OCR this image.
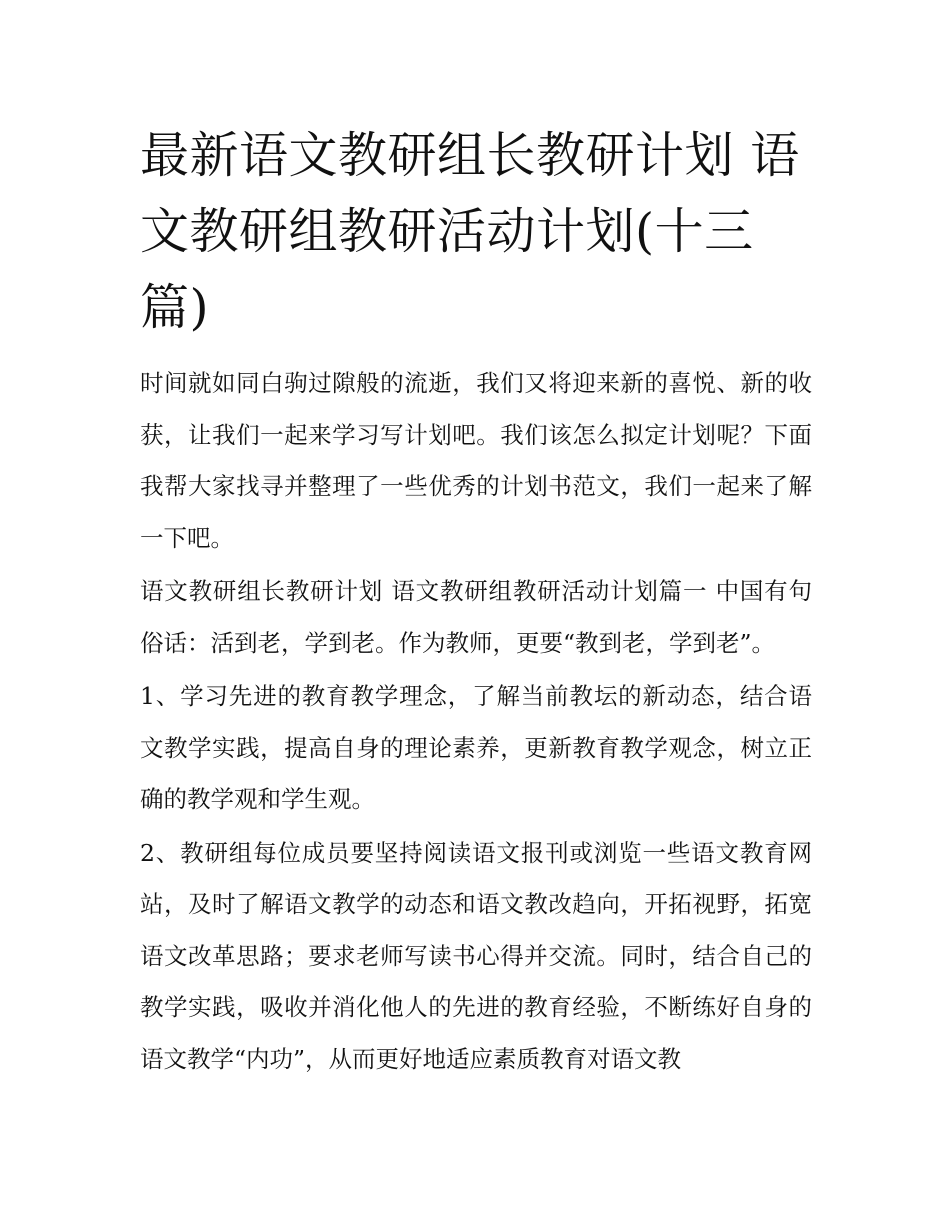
最新语文教研组长教研计划 语文教研组教研活动计划(十三篇)

时间就如同白驹过隙般的流逝，我们又将迎来新的喜悦、新的收获，让我们一起来学习写计划吧。我们该怎么拟定计划呢？下面我帮大家找寻并整理了一些优秀的计划书范文，我们一起来了解一下吧。

语文教研组长教研计划 语文教研组教研活动计划篇一 中国有句俗话：活到老，学到老。作为教师，更要“教到老，学到老”。

1、学习先进的教育教学理念，了解当前教坛的新动态，结合语文教学实践，提高自身的理论素养，更新教育教学观念，树立正确的教学观和学生观。

2、教研组每位成员要坚持阅读语文报刊或浏览一些语文教育网站，及时了解语文教学的动态和语文教改趋向，开拓视野，拓宽语文改革思路；要求老师写读书心得并交流。同时，结合自己的教学实践，吸收并消化他人的先进的教育经验，不断练好自身的语文教学“内功”，从而更好地适应素质教育对语文教
